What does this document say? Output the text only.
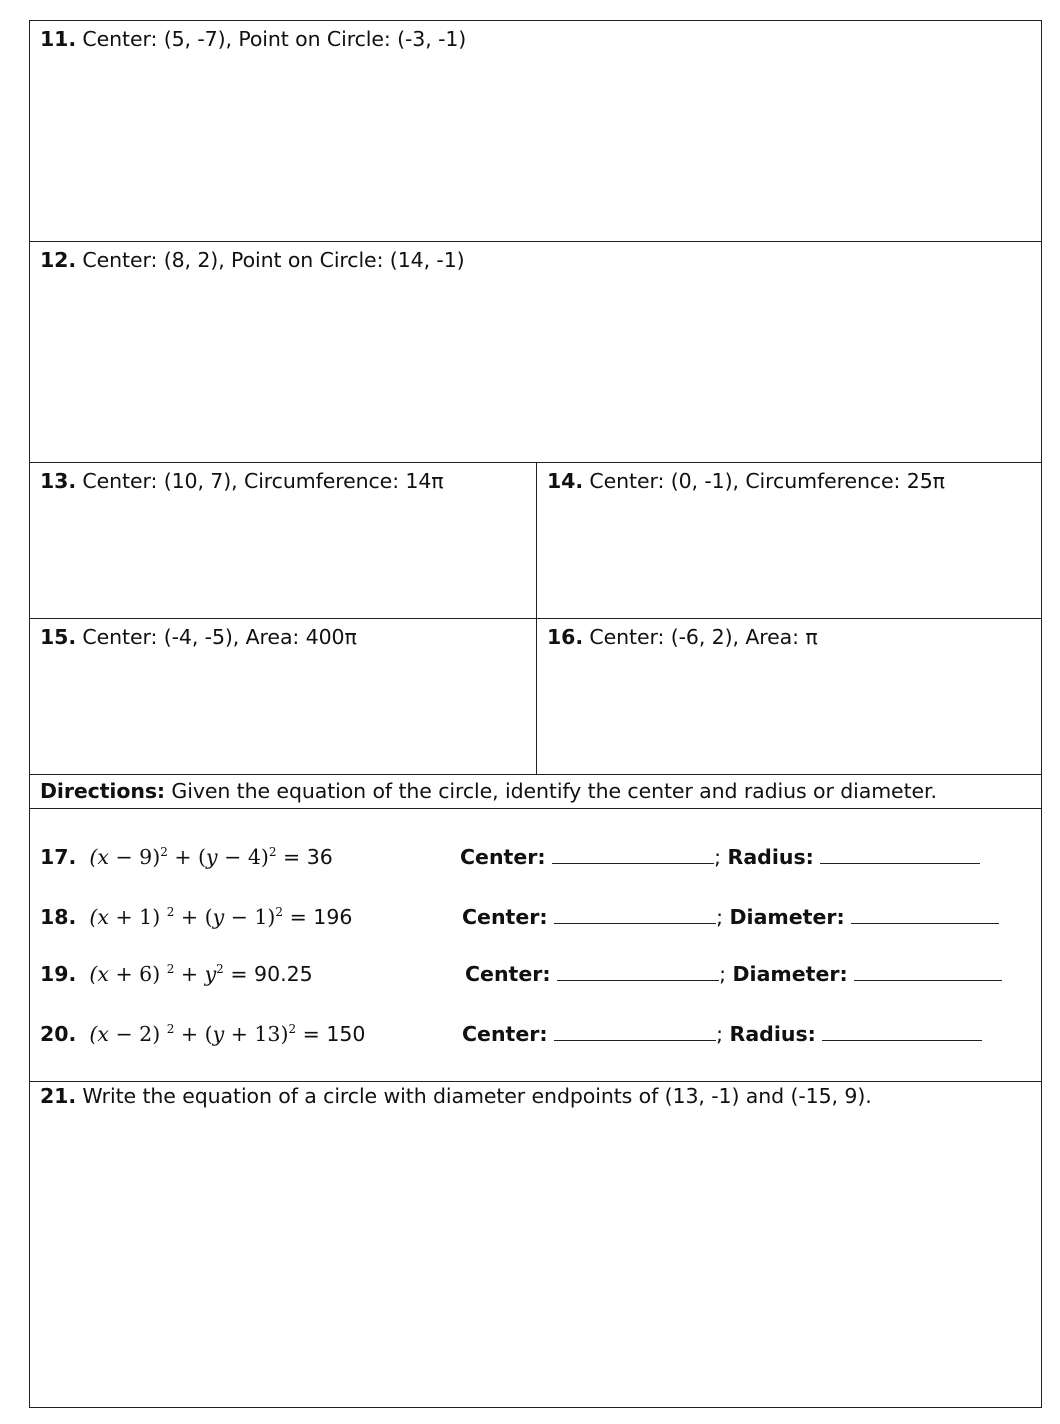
11. Center: (5, -7), Point on Circle: (-3, -1)
12. Center: (8, 2), Point on Circle: (14, -1)
13. Center: (10, 7), Circumference: 14π	14. Center: (0, -1), Circumference: 25π
15. Center: (-4, -5), Area: 400π	16. Center: (-6, 2), Area: π
Directions: Given the equation of the circle, identify the center and radius or diameter.
17. $(x - 9)^2 + (y - 4)^2 = 36$	Center:	; Radius:
18. (x + 1) $^2 + (y - 1)^2 = 196$	Center:	; Diameter:
19. (x + 6) $^2 + y^2 = 90.25$	Center:	; Diameter:
20. (x − 2) $^2 + (y + 13)^2 = 150$	Center:	; Radius:
21. Write the equation of a circle with diameter endpoints of (13, -1) and (-15, 9).
